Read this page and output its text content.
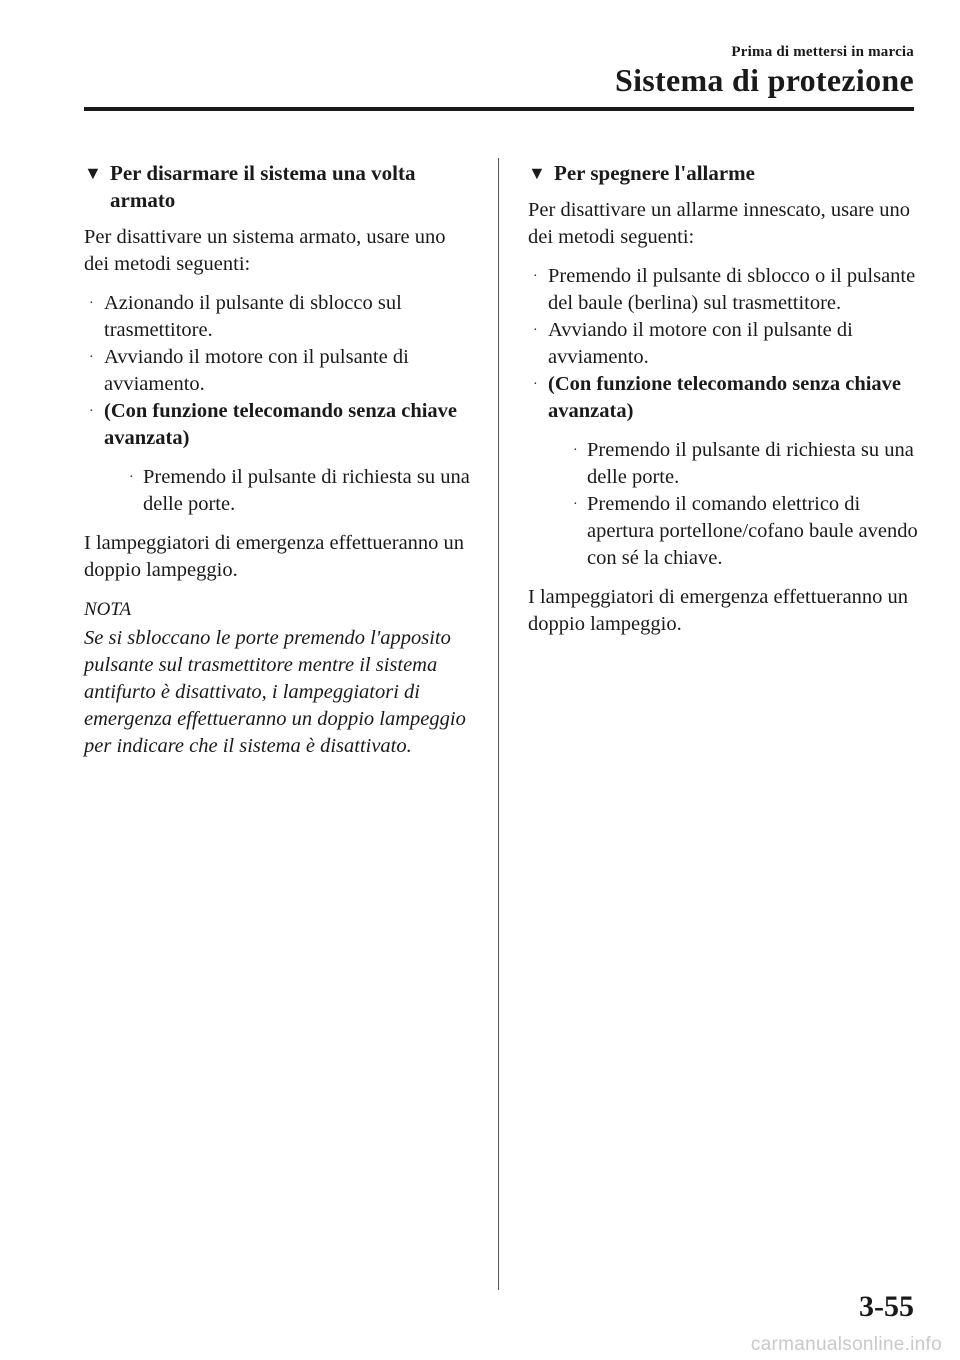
Prima di mettersi in marcia
Sistema di protezione
▼ Per disarmare il sistema una volta armato

Per disattivare un sistema armato, usare uno dei metodi seguenti:

· Azionando il pulsante di sblocco sul trasmettitore.
· Avviando il motore con il pulsante di avviamento.
· (Con funzione telecomando senza chiave avanzata)
· Premendo il pulsante di richiesta su una delle porte.

I lampeggiatori di emergenza effettueranno un doppio lampeggio.

NOTA

Se si sbloccano le porte premendo l'apposito pulsante sul trasmettitore mentre il sistema antifurto è disattivato, i lampeggiatori di emergenza effettueranno un doppio lampeggio per indicare che il sistema è disattivato.

▼ Per spegnere l'allarme

Per disattivare un allarme innescato, usare uno dei metodi seguenti:

· Premendo il pulsante di sblocco o il pulsante del baule (berlina) sul trasmettitore.
· Avviando il motore con il pulsante di avviamento.
· (Con funzione telecomando senza chiave avanzata)
· Premendo il pulsante di richiesta su una delle porte.
· Premendo il comando elettrico di apertura portellone/cofano baule avendo con sé la chiave.

I lampeggiatori di emergenza effettueranno un doppio lampeggio.

3-55
carmanualsonline.info
